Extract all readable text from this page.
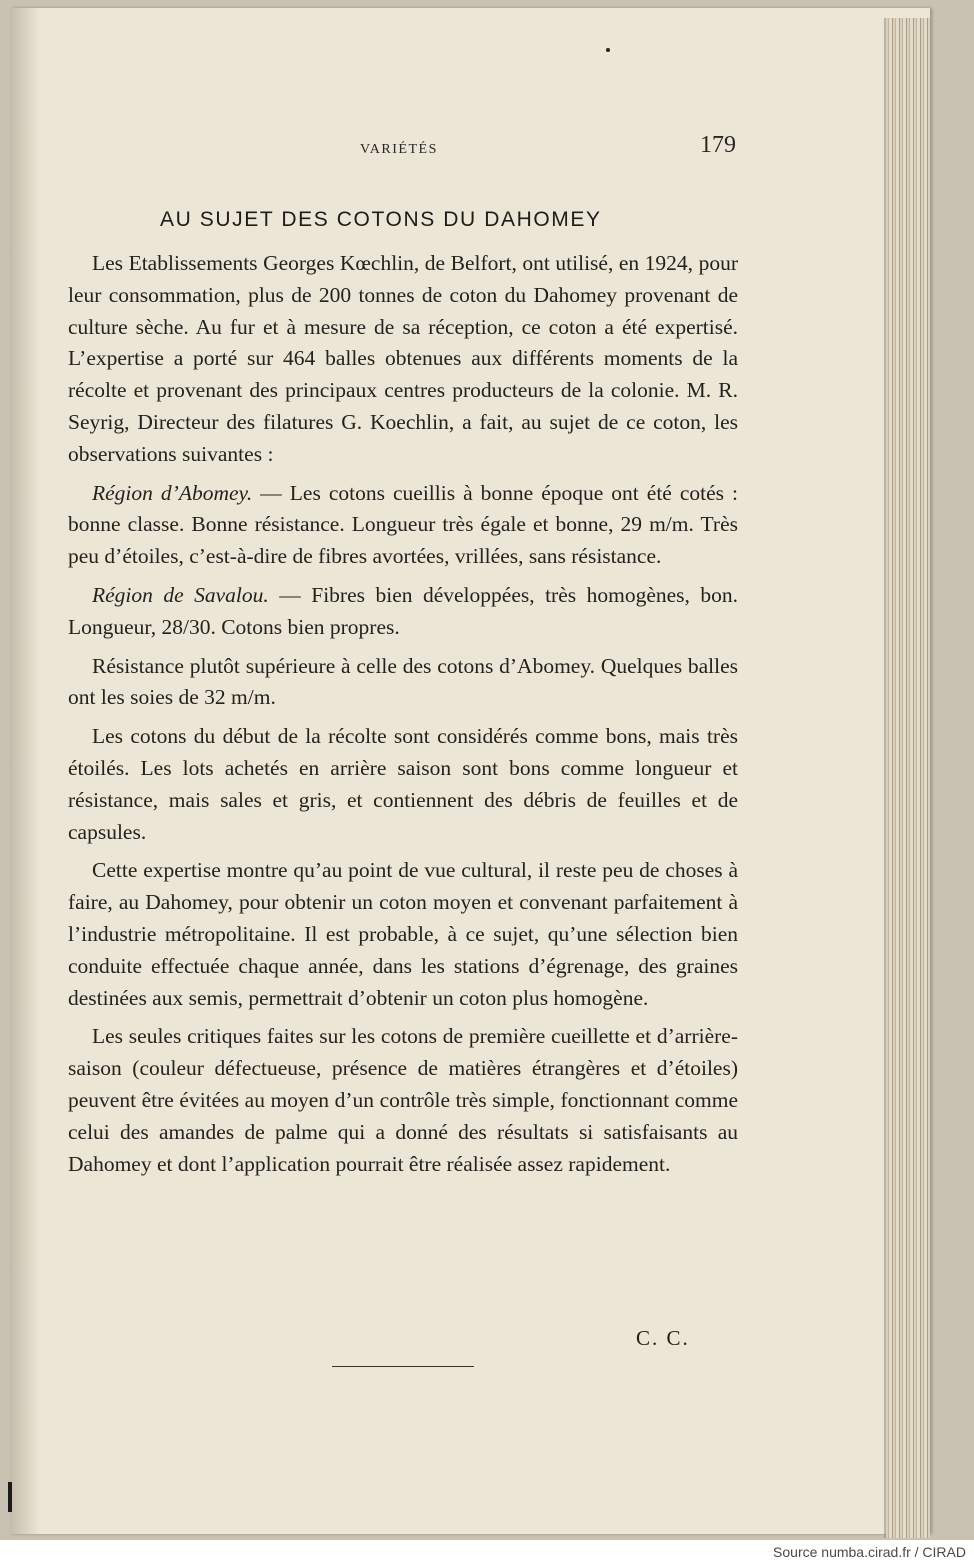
VARIÉTÉS	179
AU SUJET DES COTONS DU DAHOMEY

Les Etablissements Georges Kœchlin, de Belfort, ont utilisé, en 1924, pour leur consommation, plus de 200 tonnes de coton du Dahomey provenant de culture sèche. Au fur et à mesure de sa réception, ce coton a été expertisé. L’expertise a porté sur 464 balles obtenues aux différents moments de la récolte et provenant des principaux centres producteurs de la colonie. M. R. Seyrig, Directeur des filatures G. Koechlin, a fait, au sujet de ce coton, les observations suivantes :

Région d’Abomey. — Les cotons cueillis à bonne époque ont été cotés : bonne classe. Bonne résistance. Longueur très égale et bonne, 29 m/m. Très peu d’étoiles, c’est-à-dire de fibres avortées, vrillées, sans résistance.

Région de Savalou. — Fibres bien développées, très homogènes, bon. Longueur, 28/30. Cotons bien propres.

Résistance plutôt supérieure à celle des cotons d’Abomey. Quelques balles ont les soies de 32 m/m.

Les cotons du début de la récolte sont considérés comme bons, mais très étoilés. Les lots achetés en arrière saison sont bons comme longueur et résistance, mais sales et gris, et contiennent des débris de feuilles et de capsules.

Cette expertise montre qu’au point de vue cultural, il reste peu de choses à faire, au Dahomey, pour obtenir un coton moyen et convenant parfaitement à l’industrie métropolitaine. Il est probable, à ce sujet, qu’une sélection bien conduite effectuée chaque année, dans les stations d’égrenage, des graines destinées aux semis, permettrait d’obtenir un coton plus homogène.

Les seules critiques faites sur les cotons de première cueillette et d’arrière-saison (couleur défectueuse, présence de matières étrangères et d’étoiles) peuvent être évitées au moyen d’un contrôle très simple, fonctionnant comme celui des amandes de palme qui a donné des résultats si satisfaisants au Dahomey et dont l’application pourrait être réalisée assez rapidement.

C. C.
Source numba.cirad.fr / CIRAD
